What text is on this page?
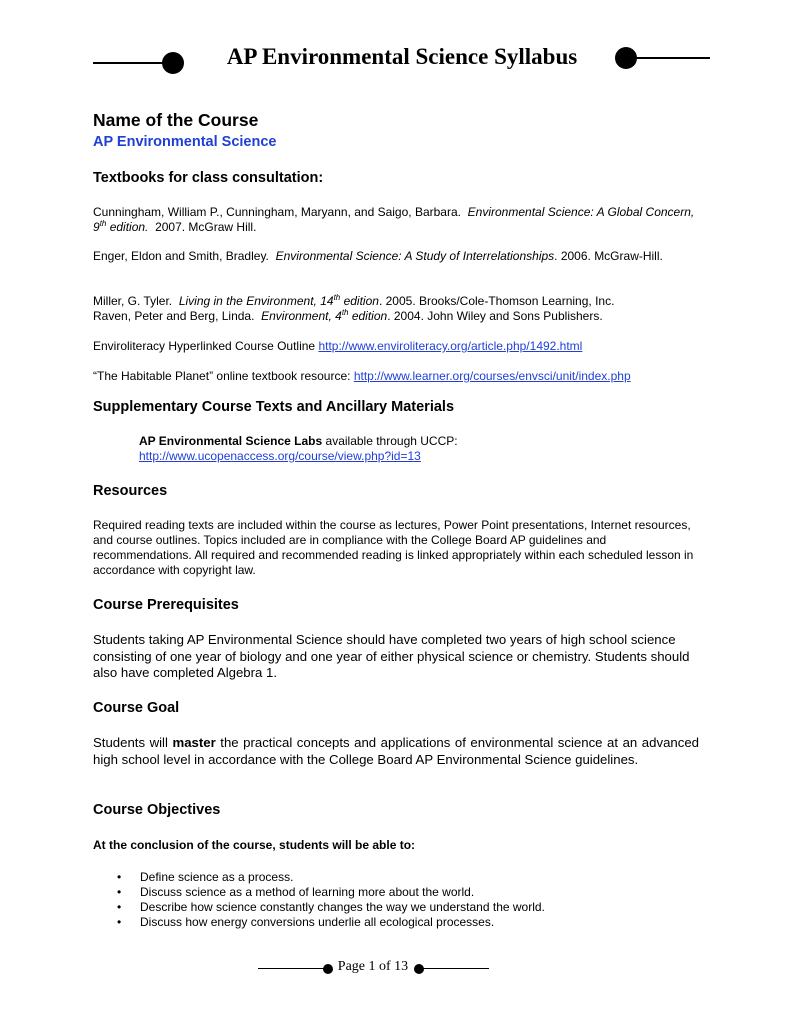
AP Environmental Science Syllabus
Name of the Course

AP Environmental Science

Textbooks for class consultation:

Cunningham, William P., Cunningham, Maryann, and Saigo, Barbara. Environmental Science: A Global Concern, 9th edition. 2007. McGraw Hill.

Enger, Eldon and Smith, Bradley. Environmental Science: A Study of Interrelationships. 2006. McGraw-Hill.

Miller, G. Tyler. Living in the Environment, 14th edition. 2005. Brooks/Cole-Thomson Learning, Inc.

Raven, Peter and Berg, Linda. Environment, 4th edition. 2004. John Wiley and Sons Publishers.

Enviroliteracy Hyperlinked Course Outline http://www.enviroliteracy.org/article.php/1492.html

“The Habitable Planet” online textbook resource: http://www.learner.org/courses/envsci/unit/index.php

Supplementary Course Texts and Ancillary Materials

AP Environmental Science Labs available through UCCP:
http://www.ucopenaccess.org/course/view.php?id=13

Resources

Required reading texts are included within the course as lectures, Power Point presentations, Internet resources, and course outlines. Topics included are in compliance with the College Board AP guidelines and recommendations. All required and recommended reading is linked appropriately within each scheduled lesson in accordance with copyright law.

Course Prerequisites

Students taking AP Environmental Science should have completed two years of high school science consisting of one year of biology and one year of either physical science or chemistry. Students should also have completed Algebra 1.

Course Goal

Students will master the practical concepts and applications of environmental science at an advanced high school level in accordance with the College Board AP Environmental Science guidelines.

Course Objectives

At the conclusion of the course, students will be able to:

• Define science as a process.
• Discuss science as a method of learning more about the world.
• Describe how science constantly changes the way we understand the world.
• Discuss how energy conversions underlie all ecological processes.
Page 1 of 13
